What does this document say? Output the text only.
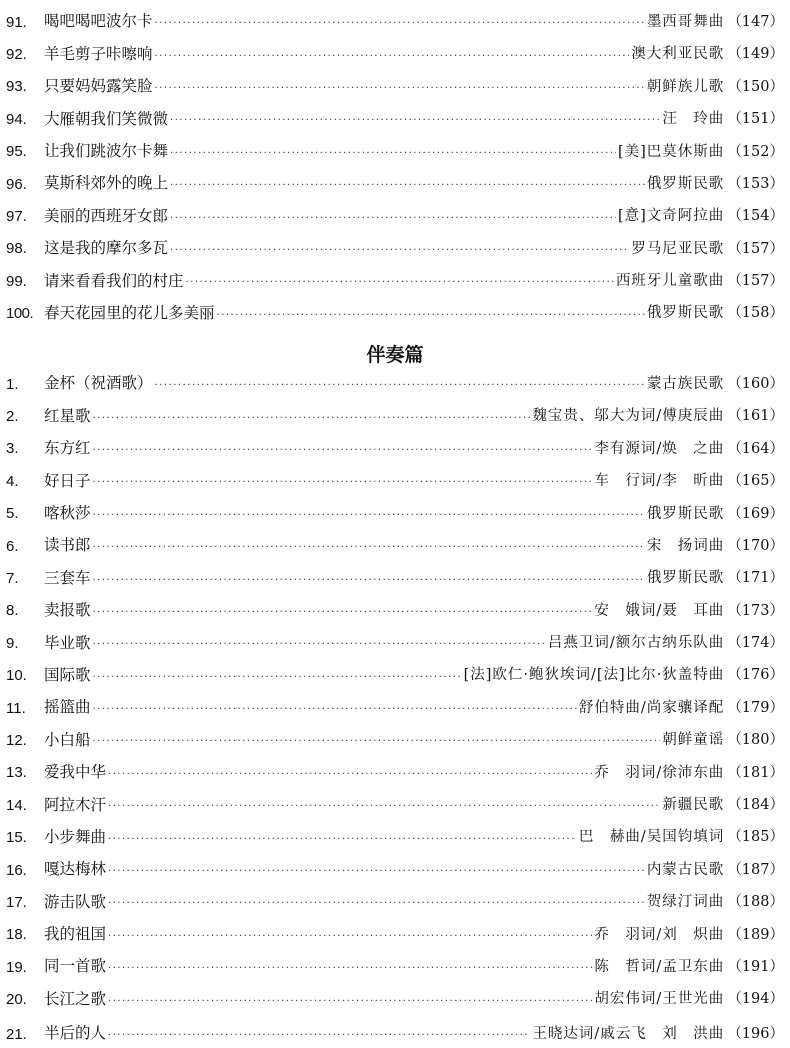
91.	喝吧喝吧波尔卡 ·····	墨西哥舞曲 （147）
92.	羊毛剪子咔嚓响 ·····	澳大利亚民歌 （149）
93.	只要妈妈露笑脸 ·····	朝鲜族儿歌 （150）
94.	大雁朝我们笑微微 ·····	汪　玲曲 （151）
95.	让我们跳波尔卡舞 ·····	[美]巴莫休斯曲 （152）
96.	莫斯科郊外的晚上 ·····	俄罗斯民歌 （153）
97.	美丽的西班牙女郎 ·····	[意]文奇阿拉曲 （154）
98.	这是我的摩尔多瓦 ·····	罗马尼亚民歌 （157）
99.	请来看看我们的村庄 ·····	西班牙儿童歌曲 （157）
100. 春天花园里的花儿多美丽 ·····	俄罗斯民歌 （158）
伴奏篇
1.	金杯（祝酒歌） ·····	蒙古族民歌 （160）
2.	红星歌 ·····	魏宝贵、邬大为词/傅庚辰曲 （161）
3.	东方红 ·····	李有源词/焕　之曲 （164）
4.	好日子 ·····	车　行词/李　昕曲 （165）
5.	喀秋莎 ·····	俄罗斯民歌 （169）
6.	读书郎 ·····	宋　扬词曲 （170）
7.	三套车 ·····	俄罗斯民歌 （171）
8.	卖报歌 ·····	安　娥词/聂　耳曲 （173）
9.	毕业歌 ·····	吕燕卫词/额尔古纳乐队曲 （174）
10.	国际歌 ·····	[法]欧仁·鲍狄埃词/[法]比尔·狄盖特曲 （176）
11.	摇篮曲 ·····	舒伯特曲/尚家骧译配 （179）
12.	小白船 ·····	朝鲜童谣 （180）
13.	爱我中华 ·····	乔　羽词/徐沛东曲 （181）
14.	阿拉木汗 ·····	新疆民歌 （184）
15.	小步舞曲 ·····	巴　赫曲/吴国钧填词 （185）
16.	嘎达梅林 ·····	内蒙古民歌 （187）
17.	游击队歌 ·····	贺绿汀词曲 （188）
18.	我的祖国 ·····	乔　羽词/刘　炽曲 （189）
19.	同一首歌 ·····	陈　哲词/孟卫东曲 （191）
20.	长江之歌 ·····	胡宏伟词/王世光曲 （194）
21.	半后的人 ·····	王晓达词/戚云飞　刘　洪曲 （196）
